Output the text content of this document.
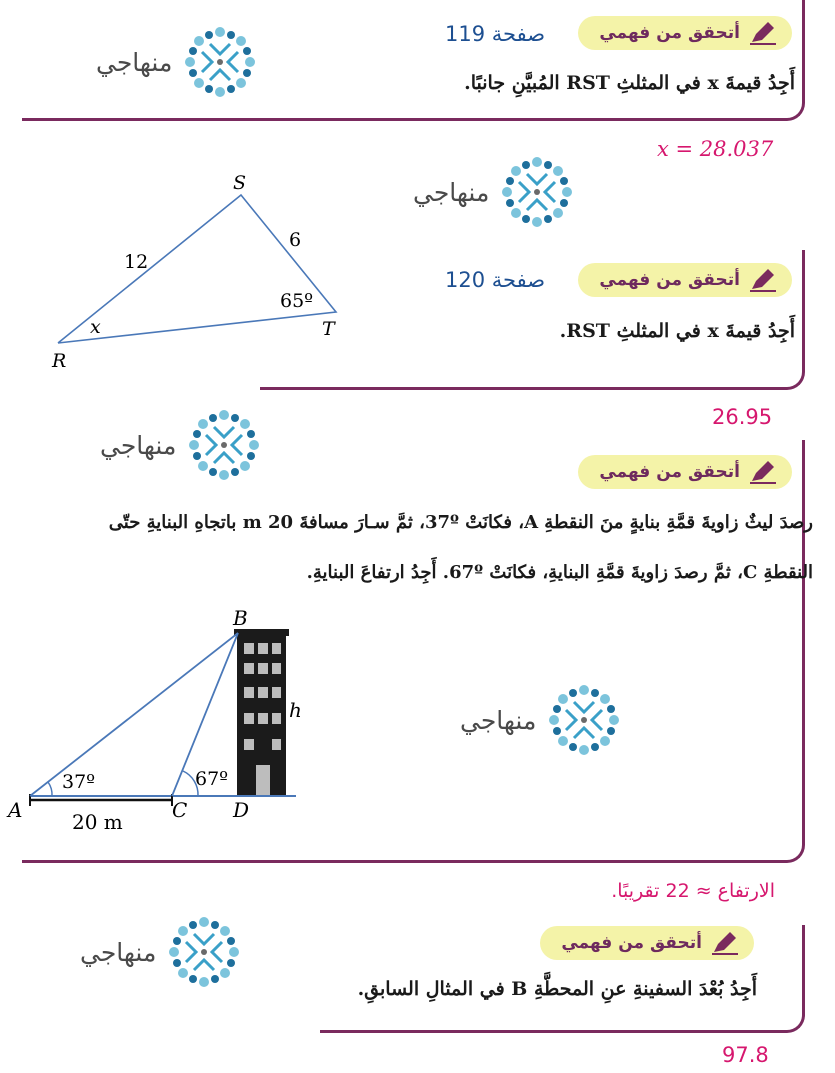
أتحقق من فهمي
صفحة 119
منهاجي
أَجِدُ قيمةَ x في المثلثِ RST المُبيَّنِ جانبًا.
x = 28.037
S
R
T
12
6
65º
x
منهاجي
أتحقق من فهمي
صفحة 120
أَجِدُ قيمةَ x في المثلثِ RST.
26.95
منهاجي
أتحقق من فهمي
رصدَ ليثٌ زاويةَ قمَّةِ بنايةٍ منَ النقطةِ A، فكانَتْ 37º، ثمَّ سـارَ مسافةَ 20 m باتجاهِ البنايةِ حتّى
النقطةِ C، ثمَّ رصدَ زاويةَ قمَّةِ البنايةِ، فكانَتْ 67º. أَجِدُ ارتفاعَ البنايةِ.
B
h
A	C D
37º	67º
20 m
منهاجي
الارتفاع ≈ 22 تقريبًا.
منهاجي	أتحقق من فهمي
أَجِدُ بُعْدَ السفينةِ عنِ المحطَّةِ B في المثالِ السابقِ.
97.8
